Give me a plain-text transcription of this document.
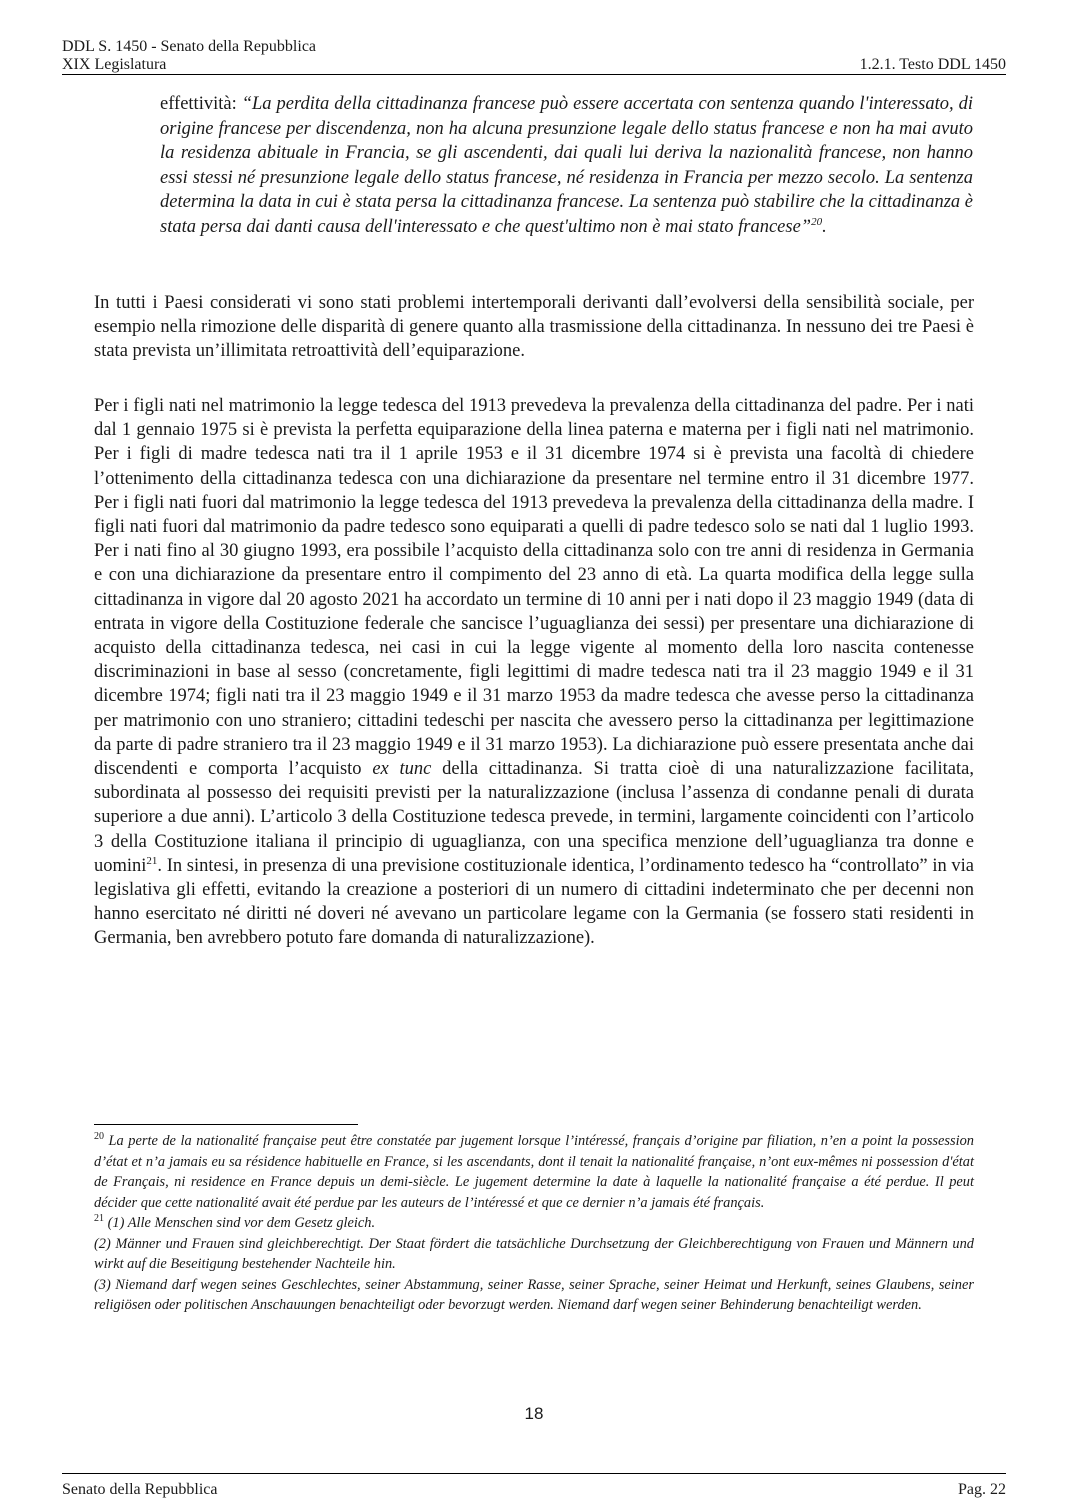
DDL S. 1450 - Senato della Repubblica
XIX Legislatura	1.2.1. Testo DDL 1450
effettività: “La perdita della cittadinanza francese può essere accertata con sentenza quando l'interessato, di origine francese per discendenza, non ha alcuna presunzione legale dello status francese e non ha mai avuto la residenza abituale in Francia, se gli ascendenti, dai quali lui deriva la nazionalità francese, non hanno essi stessi né presunzione legale dello status francese, né residenza in Francia per mezzo secolo. La sentenza determina la data in cui è stata persa la cittadinanza francese. La sentenza può stabilire che la cittadinanza è stata persa dai danti causa dell'interessato e che quest'ultimo non è mai stato francese”$^{20}$.

In tutti i Paesi considerati vi sono stati problemi intertemporali derivanti dall’evolversi della sensibilità sociale, per esempio nella rimozione delle disparità di genere quanto alla trasmissione della cittadinanza. In nessuno dei tre Paesi è stata prevista un’illimitata retroattività dell’equiparazione.

Per i figli nati nel matrimonio la legge tedesca del 1913 prevedeva la prevalenza della cittadinanza del padre. Per i nati dal 1 gennaio 1975 si è prevista la perfetta equiparazione della linea paterna e materna per i figli nati nel matrimonio. Per i figli di madre tedesca nati tra il 1 aprile 1953 e il 31 dicembre 1974 si è prevista una facoltà di chiedere l’ottenimento della cittadinanza tedesca con una dichiarazione da presentare nel termine entro il 31 dicembre 1977. Per i figli nati fuori dal matrimonio la legge tedesca del 1913 prevedeva la prevalenza della cittadinanza della madre. I figli nati fuori dal matrimonio da padre tedesco sono equiparati a quelli di padre tedesco solo se nati dal 1 luglio 1993. Per i nati fino al 30 giugno 1993, era possibile l’acquisto della cittadinanza solo con tre anni di residenza in Germania e con una dichiarazione da presentare entro il compimento del 23 anno di età. La quarta modifica della legge sulla cittadinanza in vigore dal 20 agosto 2021 ha accordato un termine di 10 anni per i nati dopo il 23 maggio 1949 (data di entrata in vigore della Costituzione federale che sancisce l’uguaglianza dei sessi) per presentare una dichiarazione di acquisto della cittadinanza tedesca, nei casi in cui la legge vigente al momento della loro nascita contenesse discriminazioni in base al sesso (concretamente, figli legittimi di madre tedesca nati tra il 23 maggio 1949 e il 31 dicembre 1974; figli nati tra il 23 maggio 1949 e il 31 marzo 1953 da madre tedesca che avesse perso la cittadinanza per matrimonio con uno straniero; cittadini tedeschi per nascita che avessero perso la cittadinanza per legittimazione da parte di padre straniero tra il 23 maggio 1949 e il 31 marzo 1953). La dichiarazione può essere presentata anche dai discendenti e comporta l’acquisto ex tunc della cittadinanza. Si tratta cioè di una naturalizzazione facilitata, subordinata al possesso dei requisiti previsti per la naturalizzazione (inclusa l’assenza di condanne penali di durata superiore a due anni). L’articolo 3 della Costituzione tedesca prevede, in termini, largamente coincidenti con l’articolo 3 della Costituzione italiana il principio di uguaglianza, con una specifica menzione dell’uguaglianza tra donne e uomini$^{21}$. In sintesi, in presenza di una previsione costituzionale identica, l’ordinamento tedesco ha “controllato” in via legislativa gli effetti, evitando la creazione a posteriori di un numero di cittadini indeterminato che per decenni non hanno esercitato né diritti né doveri né avevano un particolare legame con la Germania (se fossero stati residenti in Germania, ben avrebbero potuto fare domanda di naturalizzazione).

$^{20}$ La perte de la nationalité française peut être constatée par jugement lorsque l’intéressé, français d’origine par filiation, n’en a point la possession d’état et n’a jamais eu sa résidence habituelle en France, si les ascendants, dont il tenait la nationalité française, n’ont eux-mêmes ni possession d'état de Français, ni residence en France depuis un demi-siècle. Le jugement determine la date à laquelle la nationalité française a été perdue. Il peut décider que cette nationalité avait été perdue par les auteurs de l’intéressé et que ce dernier n’a jamais été français.

$^{21}$ (1) Alle Menschen sind vor dem Gesetz gleich.

(2) Männer und Frauen sind gleichberechtigt. Der Staat fördert die tatsächliche Durchsetzung der Gleichberechtigung von Frauen und Männern und wirkt auf die Beseitigung bestehender Nachteile hin.

(3) Niemand darf wegen seines Geschlechtes, seiner Abstammung, seiner Rasse, seiner Sprache, seiner Heimat und Herkunft, seines Glaubens, seiner religiösen oder politischen Anschauungen benachteiligt oder bevorzugt werden. Niemand darf wegen seiner Behinderung benachteiligt werden.

18
Senato della Repubblica	Pag. 22
